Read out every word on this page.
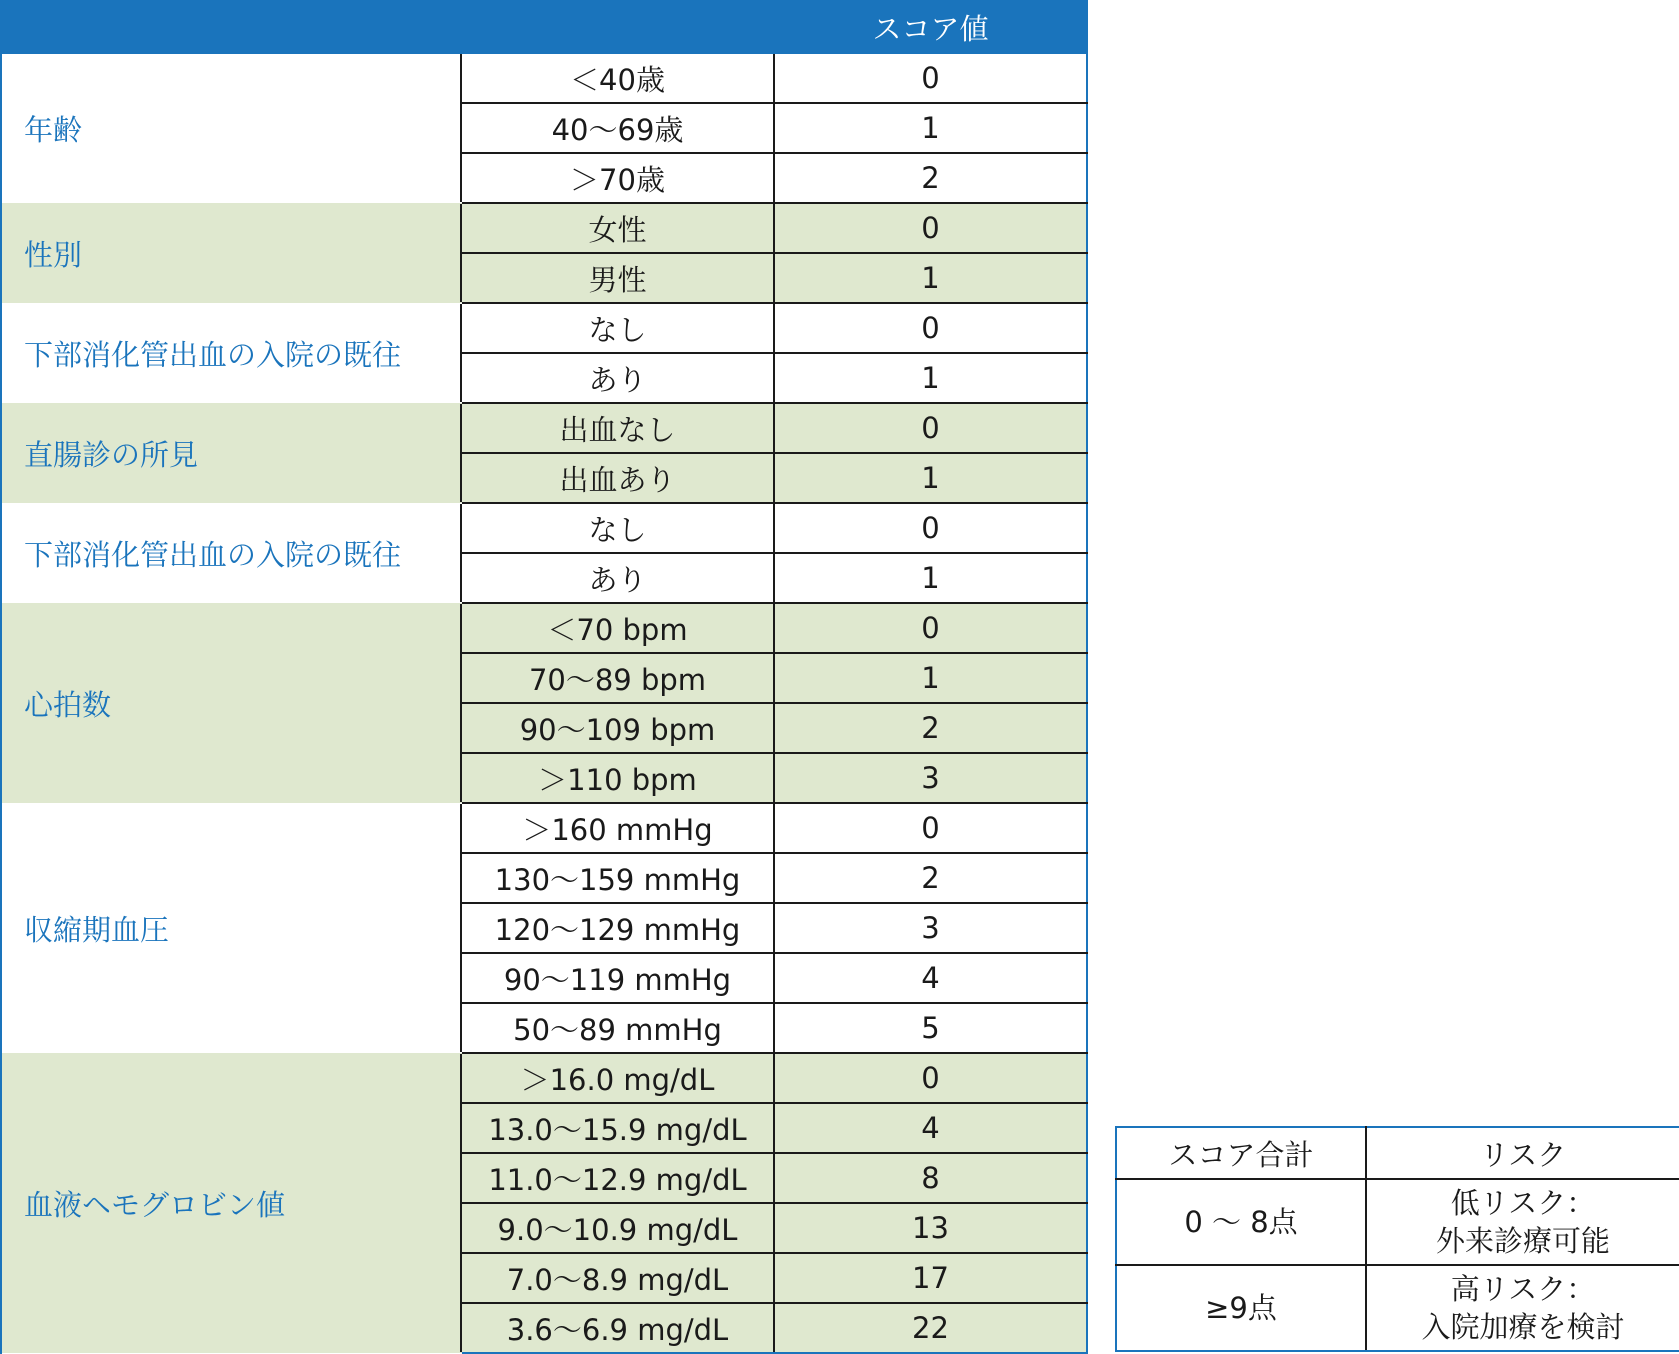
		スコア値
年齢	＜40歳	0
	40～69歳	1
	＞70歳	2
性別	女性	0
	男性	1
下部消化管出血の入院の既往	なし	0
	あり	1
直腸診の所見	出血なし	0
	出血あり	1
下部消化管出血の入院の既往	なし	0
	あり	1
心拍数	＜70 bpm	0
	70～89 bpm	1
	90～109 bpm	2
	＞110 bpm	3
収縮期血圧	＞160 mmHg	0
	130～159 mmHg	2
	120～129 mmHg	3
	90～119 mmHg	4
	50～89 mmHg	5
血液ヘモグロビン値	＞16.0 mg/dL	0
	13.0～15.9 mg/dL	4
	11.0～12.9 mg/dL	8
	9.0～10.9 mg/dL	13
	7.0～8.9 mg/dL	17
	3.6～6.9 mg/dL	22
スコア合計	リスク
0 ～ 8点	低リスク：
外来診療可能

≥9点	高リスク：
入院加療を検討
